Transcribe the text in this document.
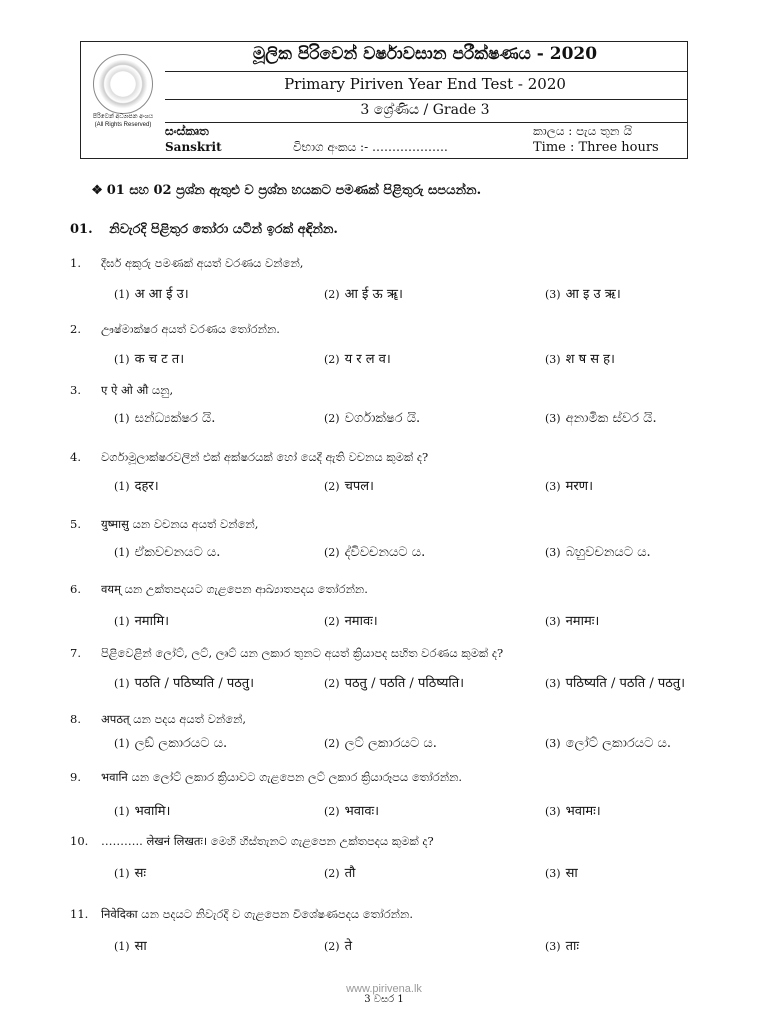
පිරිවෙන් අධ්‍යාපන අංශය
(All Rights Reserved)
මූලික පිරිවෙන් වර්ෂාවසාන පරීක්ෂණය - 2020
Primary Piriven Year End Test - 2020
3 ශ්‍රේණිය / Grade 3
සංස්කෘත
Sanskrit	විභාග අංකය :- ……………….
කාලය : පැය තුන යි
Time : Three hours
❖ 01 සහ 02 ප්‍රශ්න ඇතුළු ව ප්‍රශ්න හයකට පමණක් පිළිතුරු සපයන්න.
01. නිවැරදි පිළිතුර තෝරා යටින් ඉරක් අඳින්න.
1. දීර්ඝ අකුරු පමණක් අයත් වරණය වන්නේ,
(1) अ आ ई उ।	(2) आ ई ऊ ॠ।	(3) आ इ उ ऋ।
2. ඌෂ්මාක්ෂර අයත් වරණය තෝරන්න.
(1) क च ट त।	(2) य र ल व।	(3) श ष स ह।
3. ए ऐ ओ औ යනු,
(1) සන්ධ්‍යක්ෂර යි.	(2) වර්ගාක්ෂර යි.	(3) අනාමික ස්වර යි.
4. වර්ගාමූලාක්ෂරවලින් එක් අක්ෂරයක් හෝ යෙදී ඇති වචනය කුමක් ද?
(1) दहर।	(2) चपल।	(3) मरण।
5. युष्मासु යන වචනය අයත් වන්නේ,
(1) ඒකවචනයට ය.	(2) ද්විවචනයට ය.	(3) බහුවචනයට ය.
6. वयम् යන උක්තපදයට ගැළපෙන ආඛ්‍යාතපදය තෝරන්න.
(1) नमामि।	(2) नमावः।	(3) नमामः।
7. පිළිවෙළින් ලෝට්, ලට්, ලෘට් යන ලකාර තුනට අයත් ක්‍රියාපද සහිත වරණය කුමක් ද?
(1) पठति / पठिष्यति / पठतु।	(2) पठतु / पठति / पठिष्यति।	(3) पठिष्यति / पठति / पठतु।
8. अपठत् යන පදය අයත් වන්නේ,
(1) ලඞ් ලකාරයට ය.	(2) ලට් ලකාරයට ය.	(3) ලෝට් ලකාරයට ය.
9. भवानि යන ලෝට් ලකාර ක්‍රියාවට ගැළපෙන ලට් ලකාර ක්‍රියාරූපය තෝරන්න.
(1) भवामि।	(2) भवावः।	(3) भवामः।
10. ……….. लेखनं लिखतः। මෙහි හිස්තැනට ගැළපෙන උක්තපදය කුමක් ද?
(1) सः	(2) तौ	(3) सा
11. निवेदिका යන පදයට නිවැරදි ව ගැළපෙන විශේෂණපදය තෝරන්න.
(1) सा	(2) ते	(3) ताः
www.pirivena.lk
3 වසර 1
